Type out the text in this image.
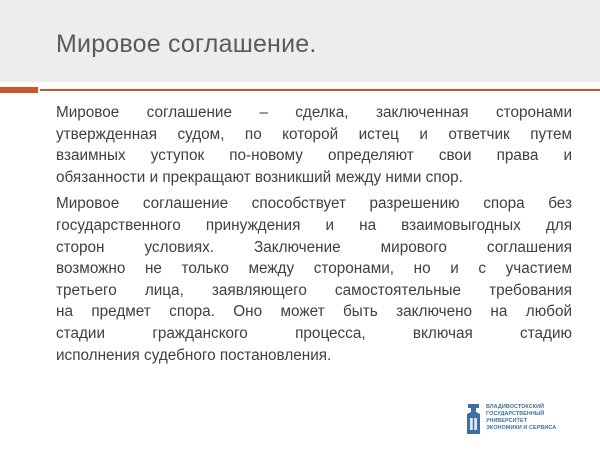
Мировое соглашение.
Мировое соглашение – сделка, заключенная сторонами
утвержденная судом, по которой истец и ответчик путем
взаимных уступок по-новому определяют свои права и
обязанности и прекращают возникший между ними спор.
Мировое соглашение способствует разрешению спора без
государственного принуждения и на взаимовыгодных для
сторон условиях. Заключение мирового соглашения
возможно не только между сторонами, но и с участием
третьего лица, заявляющего самостоятельные требования
на предмет спора. Оно может быть заключено на любой
стадии гражданского процесса, включая стадию
исполнения судебного постановления.
ВЛАДИВОСТОКСКИЙ
ГОСУДАРСТВЕННЫЙ
УНИВЕРСИТЕТ
ЭКОНОМИКИ И СЕРВИСА
